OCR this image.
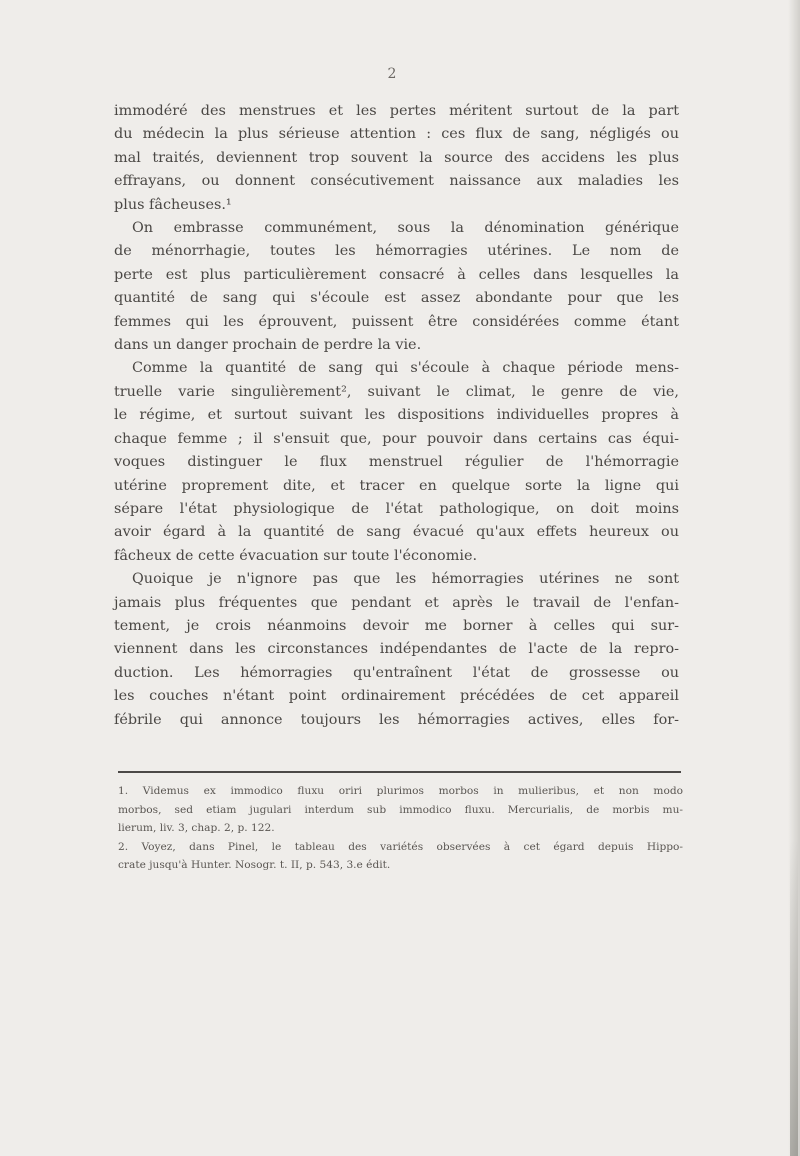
2

immodéré des menstrues et les pertes méritent surtout de la part
du médecin la plus sérieuse attention : ces flux de sang, négligés ou
mal traités, deviennent trop souvent la source des accidens les plus
effrayans, ou donnent consécutivement naissance aux maladies les
plus fâcheuses.¹

On embrasse communément, sous la dénomination générique
de ménorrhagie, toutes les hémorragies utérines. Le nom de
perte est plus particulièrement consacré à celles dans lesquelles la
quantité de sang qui s'écoule est assez abondante pour que les
femmes qui les éprouvent, puissent être considérées comme étant
dans un danger prochain de perdre la vie.

Comme la quantité de sang qui s'écoule à chaque période mens-
truelle varie singulièrement², suivant le climat, le genre de vie,
le régime, et surtout suivant les dispositions individuelles propres à
chaque femme ; il s'ensuit que, pour pouvoir dans certains cas équi-
voques distinguer le flux menstruel régulier de l'hémorragie
utérine proprement dite, et tracer en quelque sorte la ligne qui
sépare l'état physiologique de l'état pathologique, on doit moins
avoir égard à la quantité de sang évacué qu'aux effets heureux ou
fâcheux de cette évacuation sur toute l'économie.

Quoique je n'ignore pas que les hémorragies utérines ne sont
jamais plus fréquentes que pendant et après le travail de l'enfan-
tement, je crois néanmoins devoir me borner à celles qui sur-
viennent dans les circonstances indépendantes de l'acte de la repro-
duction. Les hémorragies qu'entraînent l'état de grossesse ou
les couches n'étant point ordinairement précédées de cet appareil
fébrile qui annonce toujours les hémorragies actives, elles for-

1. Videmus ex immodico fluxu oriri plurimos morbos in mulieribus, et non modo
morbos, sed etiam jugulari interdum sub immodico fluxu. Mercurialis, de morbis mu-
lierum, liv. 3, chap. 2, p. 122.
2. Voyez, dans Pinel, le tableau des variétés observées à cet égard depuis Hippo-
crate jusqu'à Hunter. Nosogr. t. II, p. 543, 3.e édit.
